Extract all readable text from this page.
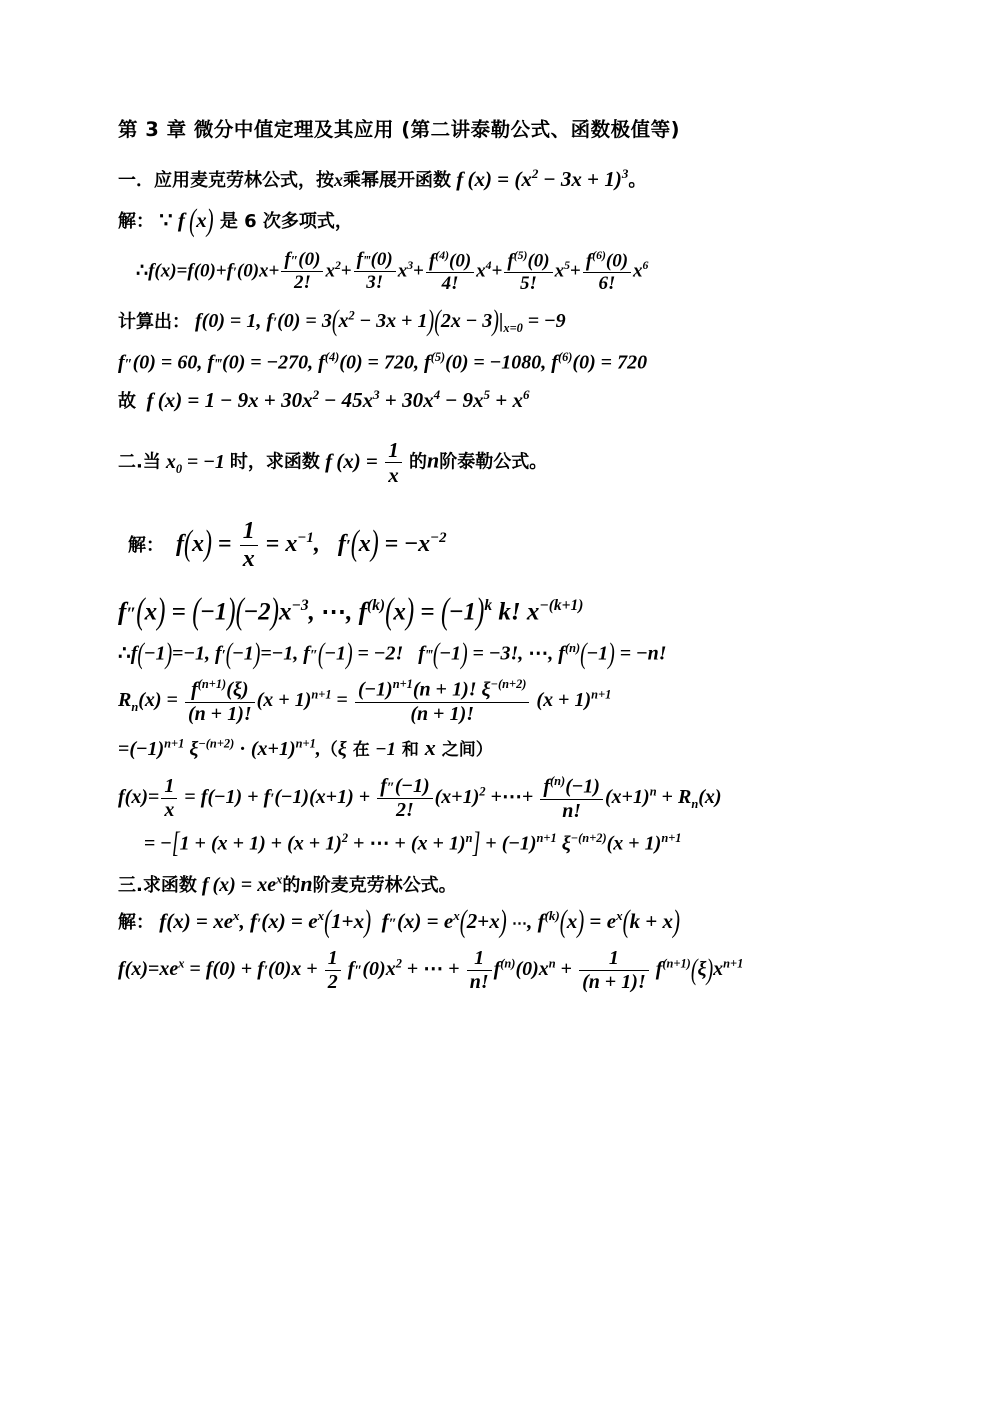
第 3 章 微分中值定理及其应用 (第二讲泰勒公式、函数极值等)
一．应用麦克劳林公式，按x乘幂展开函数 f $(x) = (x^2 - 3x + 1)^3$。
解： ∵ f (x) 是 6 次多项式，
∴f(x)=f(0)+f′(0)x+ $\frac{f''(0)}{2!} x^2+ \frac{f‴(0)}{3!} x^3+ \frac{f^{(4)}(0)}{4!} x^4+ \frac{f^{(5)}(0)}{5!} x^5+ \frac{f^{(6)}(0)}{6!} x^6$
计算出： f(0) = 1, $f'(0) = 3(x^2 - 3x + 1)(2x - 3)|_{x=0} = -9$
f″(0) = 60, f‴(0) = −270, $f^{(4)}(0) = 720$, $f^{(5)}(0) = -1080$, $f^{(6)}(0) = 720$
故  f $(x) = 1 - 9x + 30x^2 - 45x^3 + 30x^4 - 9x^5 + x^6$
二.当 $x_0 = -1$ 时，求函数 f $(x) = \frac{1}{x}$ 的n阶泰勒公式。
解：  $f(x) = \frac{1}{x} = x^{-1}$,   $f'(x) = -x^{-2}$
$f''(x) = (-1)(-2)x^{-3}$, ⋯, $f^{(k)}(x) = (-1)^k$ k! $x^{-(k+1)}$
∴f(−1)=−1, f′(−1)=−1, f″(−1) = −2!   f‴(−1) = −3!, ⋯, $f^{(n)}(-1) = -n$!
$R_n(x) = \frac{f^{(n+1)}(\xi)}{(n + 1)!} (x + 1)^{n+1} = \frac{(-1)^{n+1}(n + 1)! \xi^{-(n+2)}}{(n + 1)!} (x + 1)^{n+1}$
$=(-1)^{n+1}$ $\xi^{-(n+2)} \cdot (x+1)^{n+1},(\xi$ 在 −1 和 x 之间）
$f(x)= \frac{1}{x} = f(-1) + f'(-1)(x+1) + \frac{f''(-1)}{2!} (x+1)^2$ +⋯+ $\frac{f^{(n)}(-1)}{n!} (x+1)^n + R_n(x)$
= $-[1 + (x + 1) + (x + 1)^2$ + ⋯ + $(x + 1)^n] + (-1)^{n+1}$ $\xi^{-(n+2)}(x + 1)^{n+1}$
三.求函数 f $(x) = xe^x$的n阶麦克劳林公式。
解： $f(x) = xe^x$, $f'(x) = e^x(1+x) f''(x) = e^x(2+x)$ ⋯, $f^{(k)}(x) = e^x(k + x)$
$f(x)=xe^x = f(0) + f'(0)x + \frac{1}{2} f''(0)x^2$ + ⋯ + $\frac{1}{n!} f^{(n)}(0)x^n + \frac{1}{(n + 1)!} f^{(n+1)}(\xi)x^{n+1}$
